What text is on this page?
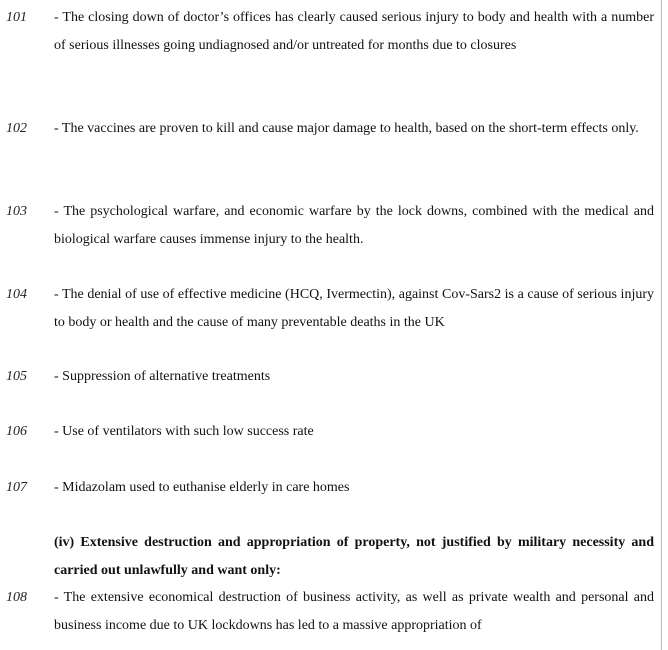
101 - The closing down of doctor’s offices has clearly caused serious injury to body and health with a number of serious illnesses going undiagnosed and/or untreated for months due to closures
102 - The vaccines are proven to kill and cause major damage to health, based on the short-term effects only.
103 - The psychological warfare, and economic warfare by the lock downs, combined with the medical and biological warfare causes immense injury to the health.
104 - The denial of use of effective medicine (HCQ, Ivermectin), against Cov-Sars2 is a cause of serious injury to body or health and the cause of many preventable deaths in the UK
105 - Suppression of alternative treatments
106 - Use of ventilators with such low success rate
107 - Midazolam used to euthanise elderly in care homes
(iv) Extensive destruction and appropriation of property, not justified by military necessity and carried out unlawfully and want only:
108 - The extensive economical destruction of business activity, as well as private wealth and personal and business income due to UK lockdowns has led to a massive appropriation of
